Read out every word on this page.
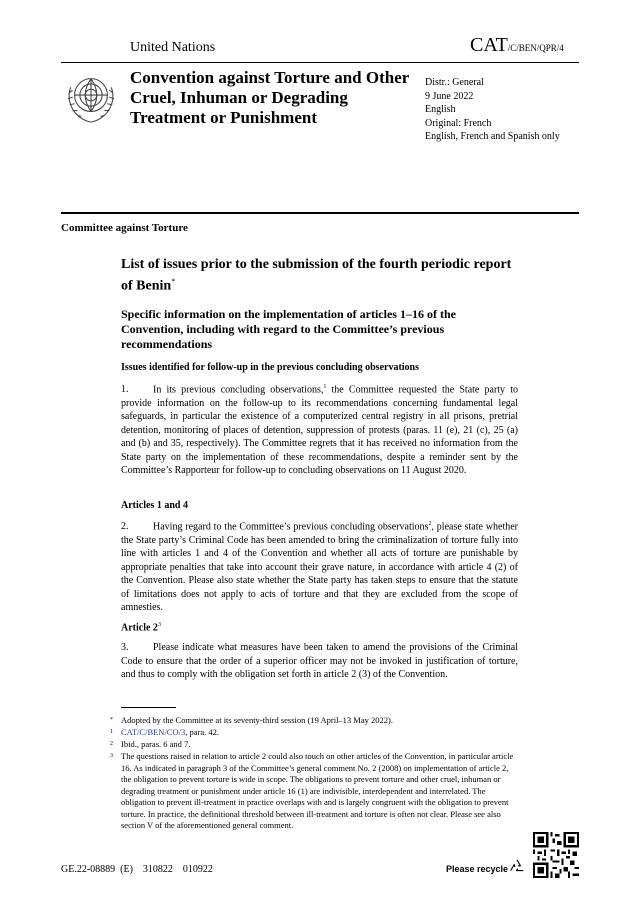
United Nations	CAT/C/BEN/QPR/4
Convention against Torture and Other Cruel, Inhuman or Degrading Treatment or Punishment
Distr.: General
9 June 2022
English
Original: French
English, French and Spanish only
Committee against Torture
List of issues prior to the submission of the fourth periodic report of Benin*
Specific information on the implementation of articles 1–16 of the Convention, including with regard to the Committee’s previous recommendations
Issues identified for follow-up in the previous concluding observations
1. In its previous concluding observations,$^1$ the Committee requested the State party to provide information on the follow-up to its recommendations concerning fundamental legal safeguards, in particular the existence of a computerized central registry in all prisons, pretrial detention, monitoring of places of detention, suppression of protests (paras. 11 (e), 21 (c), 25 (a) and (b) and 35, respectively). The Committee regrets that it has received no information from the State party on the implementation of these recommendations, despite a reminder sent by the Committee’s Rapporteur for follow-up to concluding observations on 11 August 2020.
Articles 1 and 4
2. Having regard to the Committee’s previous concluding observations$^2$, please state whether the State party’s Criminal Code has been amended to bring the criminalization of torture fully into line with articles 1 and 4 of the Convention and whether all acts of torture are punishable by appropriate penalties that take into account their grave nature, in accordance with article 4 (2) of the Convention. Please also state whether the State party has taken steps to ensure that the statute of limitations does not apply to acts of torture and that they are excluded from the scope of amnesties.
Article $2^3$
3. Please indicate what measures have been taken to amend the provisions of the Criminal Code to ensure that the order of a superior officer may not be invoked in justification of torture, and thus to comply with the obligation set forth in article 2 (3) of the Convention.
* Adopted by the Committee at its seventy-third session (19 April–13 May 2022).
1 CAT/C/BEN/CO/3, para. 42.
2 Ibid., paras. 6 and 7.
3 The questions raised in relation to article 2 could also touch on other articles of the Convention, in particular article 16. As indicated in paragraph 3 of the Committee’s general comment No. 2 (2008) on implementation of article 2, the obligation to prevent torture is wide in scope. The obligations to prevent torture and other cruel, inhuman or degrading treatment or punishment under article 16 (1) are indivisible, interdependent and interrelated. The obligation to prevent ill-treatment in practice overlaps with and is largely congruent with the obligation to prevent torture. In practice, the definitional threshold between ill-treatment and torture is often not clear. Please see also section V of the aforementioned general comment.
GE.22-08889  (E)    310822    010922	Please recycle
